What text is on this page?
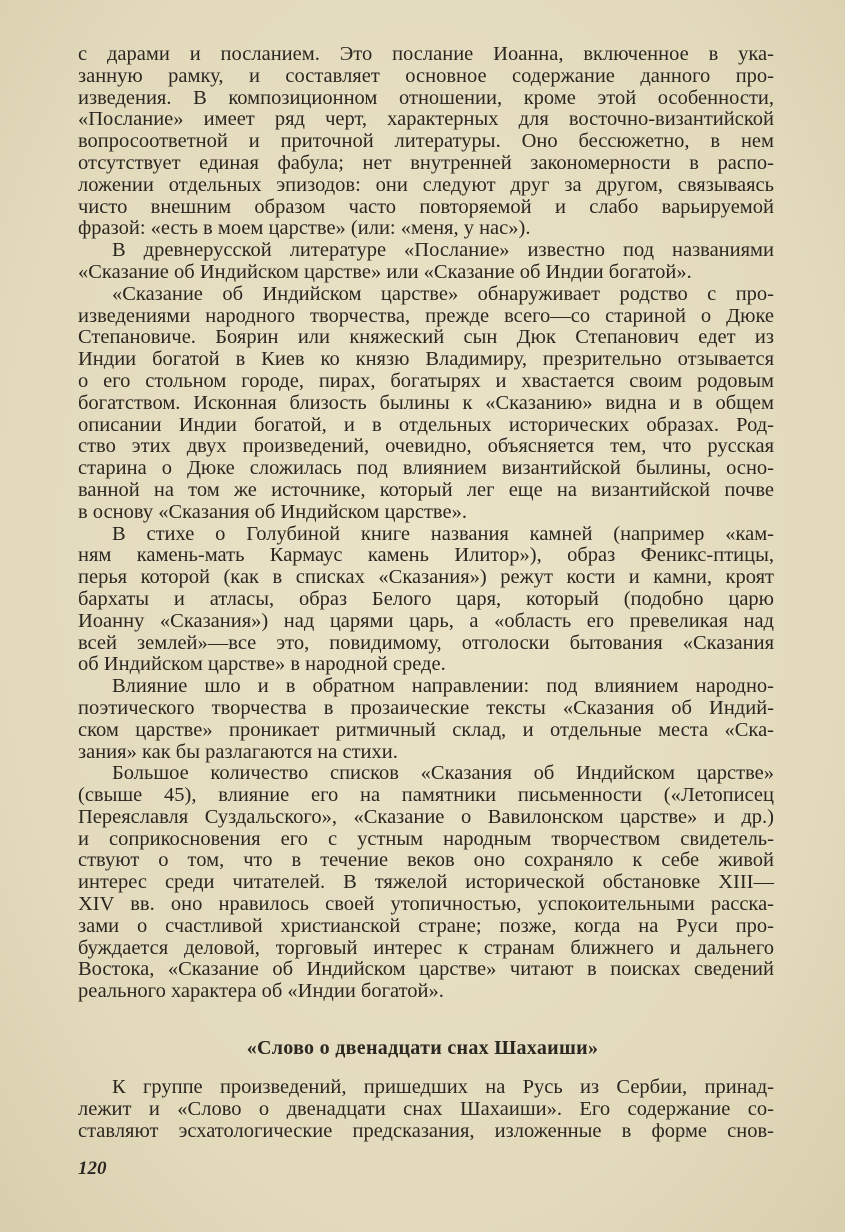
с дарами и посланием. Это послание Иоанна, включенное в ука-
занную рамку, и составляет основное содержание данного про-
изведения. В композиционном отношении, кроме этой особенности,
«Послание» имеет ряд черт, характерных для восточно-византийской
вопросоответной и приточной литературы. Оно бессюжетно, в нем
отсутствует единая фабула; нет внутренней закономерности в распо-
ложении отдельных эпизодов: они следуют друг за другом, связываясь
чисто внешним образом часто повторяемой и слабо варьируемой
фразой: «есть в моем царстве» (или: «меня, у нас»).
В древнерусской литературе «Послание» известно под названиями
«Сказание об Индийском царстве» или «Сказание об Индии богатой».
«Сказание об Индийском царстве» обнаруживает родство с про-
изведениями народного творчества, прежде всего—со стариной о Дюке
Степановиче. Боярин или княжеский сын Дюк Степанович едет из
Индии богатой в Киев ко князю Владимиру, презрительно отзывается
о его стольном городе, пирах, богатырях и хвастается своим родовым
богатством. Исконная близость былины к «Сказанию» видна и в общем
описании Индии богатой, и в отдельных исторических образах. Род-
ство этих двух произведений, очевидно, объясняется тем, что русская
старина о Дюке сложилась под влиянием византийской былины, осно-
ванной на том же источнике, который лег еще на византийской почве
в основу «Сказания об Индийском царстве».
В стихе о Голубиной книге названия камней (например «кам-
ням камень-мать Кармаус камень Илитор»), образ Феникс-птицы,
перья которой (как в списках «Сказания») режут кости и камни, кроят
бархаты и атласы, образ Белого царя, который (подобно царю
Иоанну «Сказания») над царями царь, а «область его превеликая над
всей землей»—все это, повидимому, отголоски бытования «Сказания
об Индийском царстве» в народной среде.
Влияние шло и в обратном направлении: под влиянием народно-
поэтического творчества в прозаические тексты «Сказания об Индий-
ском царстве» проникает ритмичный склад, и отдельные места «Ска-
зания» как бы разлагаются на стихи.
Большое количество списков «Сказания об Индийском царстве»
(свыше 45), влияние его на памятники письменности («Летописец
Переяславля Суздальского», «Сказание о Вавилонском царстве» и др.)
и соприкосновения его с устным народным творчеством свидетель-
ствуют о том, что в течение веков оно сохраняло к себе живой
интерес среди читателей. В тяжелой исторической обстановке XIII—
XIV вв. оно нравилось своей утопичностью, успокоительными расска-
зами о счастливой христианской стране; позже, когда на Руси про-
буждается деловой, торговый интерес к странам ближнего и дальнего
Востока, «Сказание об Индийском царстве» читают в поисках сведений
реального характера об «Индии богатой».
«Слово о двенадцати снах Шахаиши»
К группе произведений, пришедших на Русь из Сербии, принад-
лежит и «Слово о двенадцати снах Шахаиши». Его содержание со-
ставляют эсхатологические предсказания, изложенные в форме снов-
120
